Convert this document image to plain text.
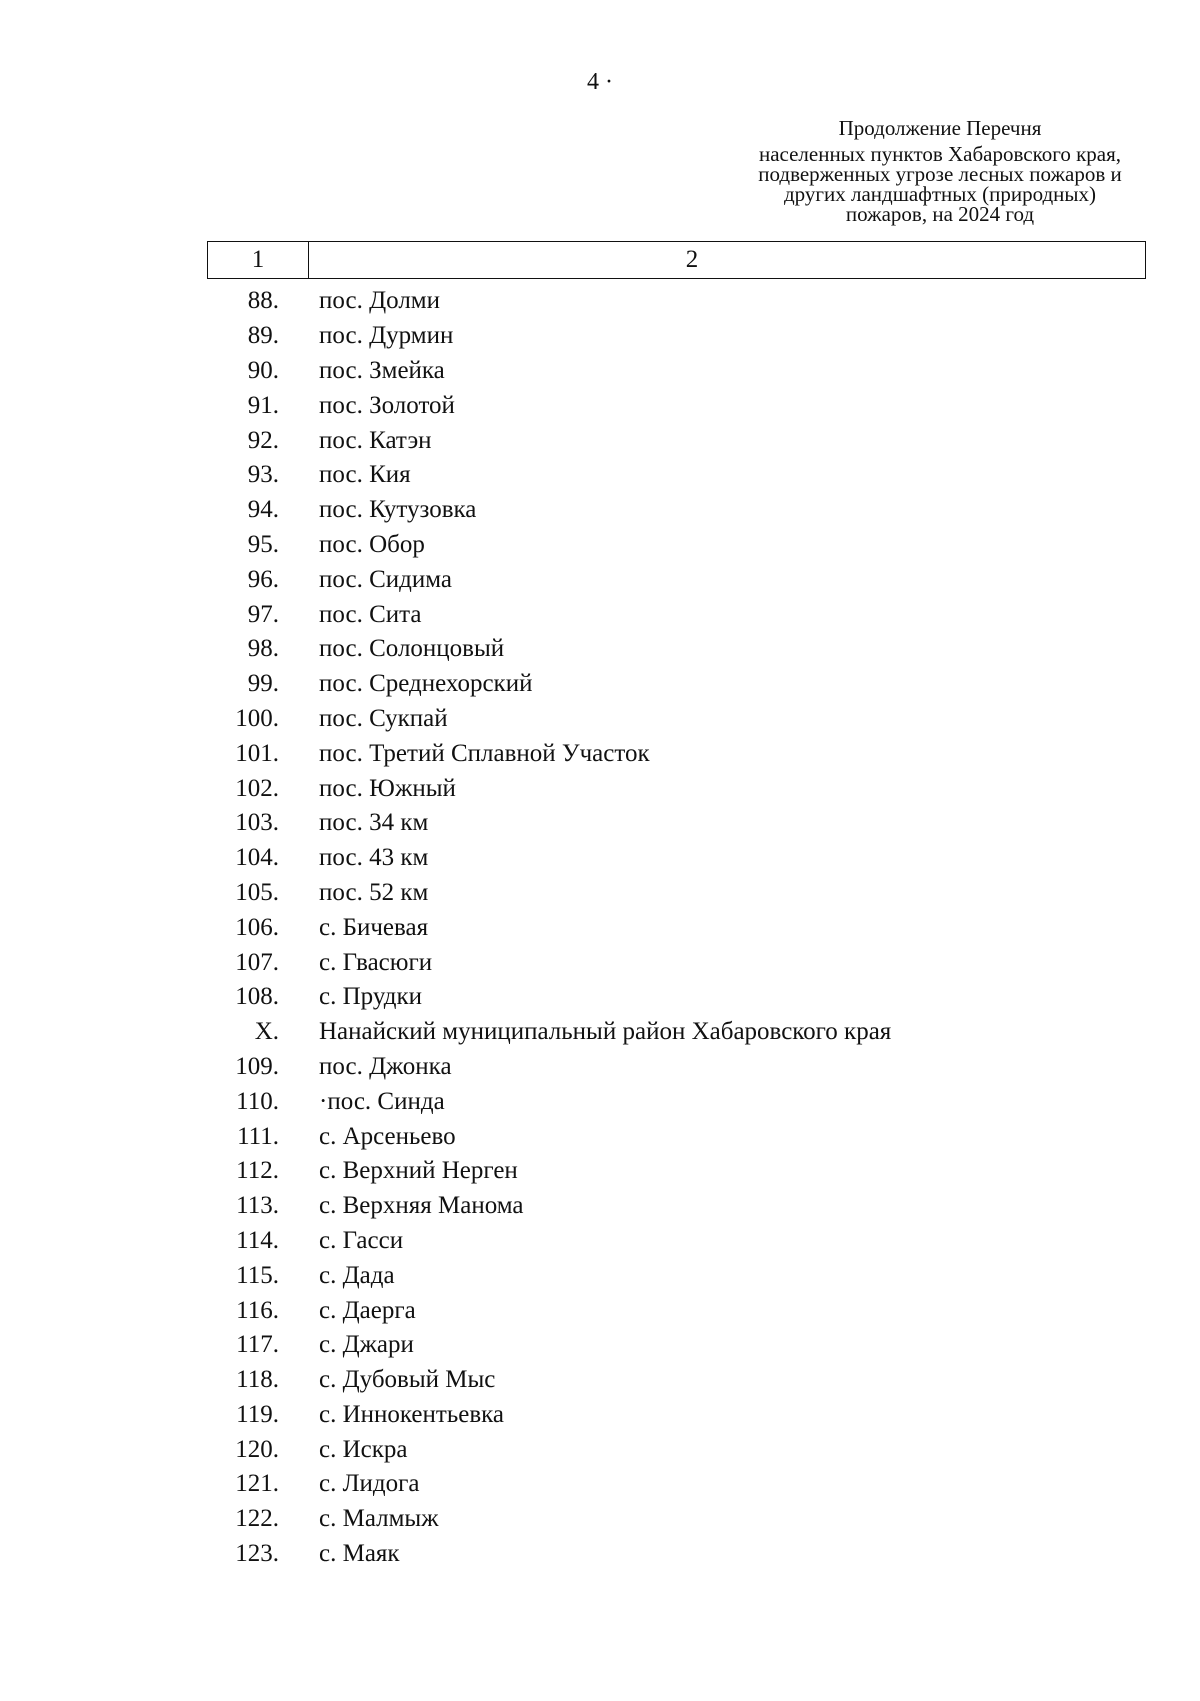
4 ·
Продолжение Перечня
населенных пунктов Хабаровского края,
подверженных угрозе лесных пожаров и
других ландшафтных (природных)
пожаров, на 2024 год
1	2
88. пос. Долми
89. пос. Дурмин
90. пос. Змейка
91. пос. Золотой
92. пос. Катэн
93. пос. Кия
94. пос. Кутузовка
95. пос. Обор
96. пос. Сидима
97. пос. Сита
98. пос. Солонцовый
99. пос. Среднехорский
100. пос. Сукпай
101. пос. Третий Сплавной Участок
102. пос. Южный
103. пос. 34 км
104. пос. 43 км
105. пос. 52 км
106. с. Бичевая
107. с. Гвасюги
108. с. Прудки
X. Нанайский муниципальный район Хабаровского края
109. пос. Джонка
110. ·пос. Синда
111. с. Арсеньево
112. с. Верхний Нерген
113. с. Верхняя Манома
114. с. Гасси
115. с. Дада
116. с. Даерга
117. с. Джари
118. с. Дубовый Мыс
119. с. Иннокентьевка
120. с. Искра
121. с. Лидога
122. с. Малмыж
123. с. Маяк
